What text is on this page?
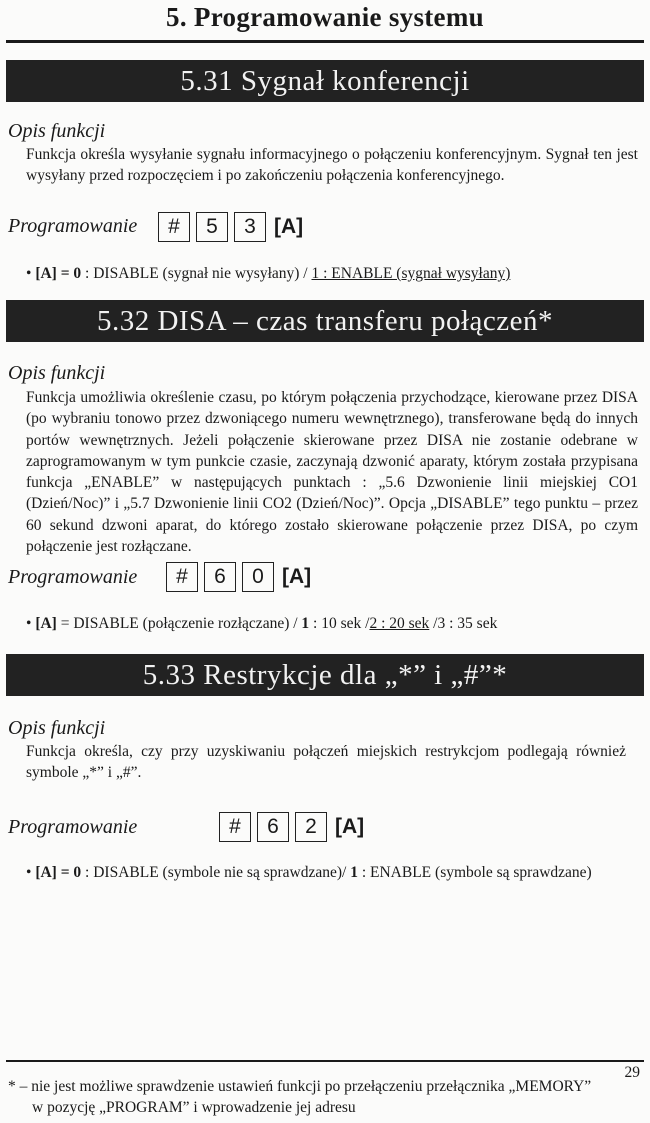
5. Programowanie systemu
5.31 Sygnał konferencji
Opis funkcji
Funkcja określa wysyłanie sygnału informacyjnego o połączeniu konferencyjnym. Sygnał ten jest wysyłany przed rozpoczęciem i po zakończeniu połączenia konferencyjnego.
Programowanie # 5 3 [A]
• [A] = 0 : DISABLE (sygnał nie wysyłany) / 1 : ENABLE (sygnał wysyłany)
5.32 DISA – czas transferu połączeń*
Opis funkcji
Funkcja umożliwia określenie czasu, po którym połączenia przychodzące, kierowane przez DISA (po wybraniu tonowo przez dzwoniącego numeru wewnętrznego), transferowane będą do innych portów wewnętrznych. Jeżeli połączenie skierowane przez DISA nie zostanie odebrane w zaprogramowanym w tym punkcie czasie, zaczynają dzwonić aparaty, którym została przypisana funkcja „ENABLE” w następujących punktach : „5.6 Dzwonienie linii miejskiej CO1 (Dzień/Noc)” i „5.7 Dzwonienie linii CO2 (Dzień/Noc)”. Opcja „DISABLE” tego punktu – przez 60 sekund dzwoni aparat, do którego zostało skierowane połączenie przez DISA, po czym połączenie jest rozłączane.
Programowanie # 6 0 [A]
• [A] = DISABLE (połączenie rozłączane) / 1 : 10 sek /2 : 20 sek /3 : 35 sek
5.33 Restrykcje dla „*” i „#”*
Opis funkcji
Funkcja określa, czy przy uzyskiwaniu połączeń miejskich restrykcjom podlegają również symbole „*” i „#”.
Programowanie	# 6 2 [A]
• [A] = 0 : DISABLE (symbole nie są sprawdzane)/ 1 : ENABLE (symbole są sprawdzane)
29
* – nie jest możliwe sprawdzenie ustawień funkcji po przełączeniu przełącznika „MEMORY”
w pozycję „PROGRAM” i wprowadzenie jej adresu
